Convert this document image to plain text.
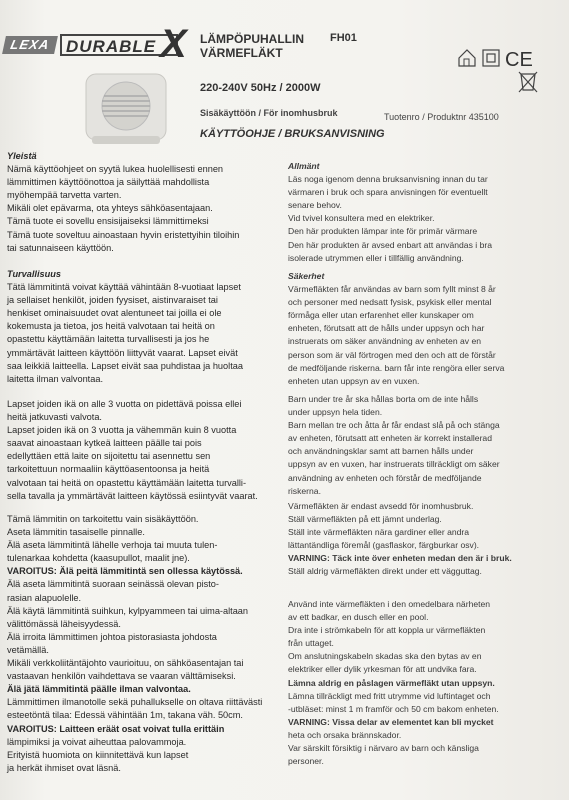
LEXA DURABLE X LÄMPÖPUHALLIN
VÄRMEFLÄKT
FH01
CE
220-240V 50Hz / 2000W
Sisäkäyttöön / För inomhusbruk	Tuotenro / Produktnr 435100
KÄYTTÖOHJE / BRUKSANVISNING
Yleistä
Nämä käyttöohjeet on syytä lukea huolellisesti ennen
lämmittimen käyttöönottoa ja säilyttää mahdollista
myöhempää tarvetta varten.
Mikäli olet epävarma, ota yhteys sähköasentajaan.
Tämä tuote ei sovellu ensisijaiseksi lämmittimeksi
Tämä tuote soveltuu ainoastaan hyvin eristettyihin tiloihin
tai satunnaiseen käyttöön.
Turvallisuus
Tätä lämmitintä voivat käyttää vähintään 8-vuotiaat lapset
ja sellaiset henkilöt, joiden fyysiset, aistinvaraiset tai
henkiset ominaisuudet ovat alentuneet tai joilla ei ole
kokemusta ja tietoa, jos heitä valvotaan tai heitä on
opastettu käyttämään laitetta turvallisesti ja jos he
ymmärtävät laitteen käyttöön liittyvät vaarat. Lapset eivät
saa leikkiä laitteella. Lapset eivät saa puhdistaa ja huoltaa
laitetta ilman valvontaa.
Lapset joiden ikä on alle 3 vuotta on pidettävä poissa ellei
heitä jatkuvasti valvota.
Lapset joiden ikä on 3 vuotta ja vähemmän kuin 8 vuotta
saavat ainoastaan kytkeä laitteen päälle tai pois
edellyttäen että laite on sijoitettu tai asennettu sen
tarkoitettuun normaaliin käyttöasentoonsa ja heitä
valvotaan tai heitä on opastettu käyttämään laitetta turvalli-
sella tavalla ja ymmärtävät laitteen käytössä esiintyvät vaarat.
Tämä lämmitin on tarkoitettu vain sisäkäyttöön.
Aseta lämmitin tasaiselle pinnalle.
Älä aseta lämmitintä lähelle verhoja tai muuta tulen-
tulenarkaa kohdetta (kaasupullot, maalit jne).
VAROITUS: Älä peitä lämmitintä sen ollessa käytössä.
Älä aseta lämmitintä suoraan seinässä olevan pisto-
rasian alapuolelle.
Älä käytä lämmitintä suihkun, kylpyammeen tai uima-altaan
välittömässä läheisyydessä.
Älä irroita lämmittimen johtoa pistorasiasta johdosta
vetämällä.
Mikäli verkkoliitäntäjohto vaurioituu, on sähköasentajan tai
vastaavan henkilön vaihdettava se vaaran välttämiseksi.
Älä jätä lämmitintä päälle ilman valvontaa.
Lämmittimen ilmanotolle sekä puhallukselle on oltava riittävästi
esteetöntä tilaa: Edessä vähintään 1m, takana väh. 50cm.
VAROITUS: Laitteen eräät osat voivat tulla erittäin
lämpimiksi ja voivat aiheuttaa palovammoja.
Erityistä huomiota on kiinnitettävä kun lapset
ja herkät ihmiset ovat läsnä.
Allmänt
Läs noga igenom denna bruksanvisning innan du tar
värmaren i bruk och spara anvisningen för eventuellt
senare behov.
Vid tvivel konsultera med en elektriker.
Den här produkten lämpar inte för primär värmare
Den här produkten är avsed enbart att användas i bra
isolerade utrymmen eller i tillfällig användning.
Säkerhet
Värmefläkten får användas av barn som fyllt minst 8 år
och personer med nedsatt fysisk, psykisk eller mental
förmåga eller utan erfarenhet eller kunskaper om
enheten, förutsatt att de hålls under uppsyn och har
instruerats om säker användning av enheten av en
person som är väl förtrogen med den och att de förstår
de medföljande riskerna. barn får inte rengöra eller serva
enheten utan uppsyn av en vuxen.
Barn under tre år ska hållas borta om de inte hålls
under uppsyn hela tiden.
Barn mellan tre och åtta år får endast slå på och stänga
av enheten, förutsatt att enheten är korrekt installerad
och användningsklar samt att barnen hålls under
uppsyn av en vuxen, har instruerats tillräckligt om säker
användning av enheten och förstår de medföljande
riskerna.
Värmefläkten är endast avsedd för inomhusbruk.
Ställ värmefläkten på ett jämnt underlag.
Ställ inte värmefläkten nära gardiner eller andra
lättantändliga föremål (gasflaskor, färgburkar osv).
VARNING: Täck inte över enheten medan den är i bruk.
Ställ aldrig värmefläkten direkt under ett vägguttag.
Använd inte värmefläkten i den omedelbara närheten
av ett badkar, en dusch eller en pool.
Dra inte i strömkabeln för att koppla ur värmefläkten
från uttaget.
Om anslutningskabeln skadas ska den bytas av en
elektriker eller dylik yrkesman för att undvika fara.
Lämna aldrig en påslagen värmefläkt utan uppsyn.
Lämna tillräckligt med fritt utrymme vid luftintaget och
-utbläset: minst 1 m framför och 50 cm bakom enheten.
VARNING: Vissa delar av elementet kan bli mycket
heta och orsaka brännskador.
Var särskilt försiktig i närvaro av barn och känsliga
personer.
